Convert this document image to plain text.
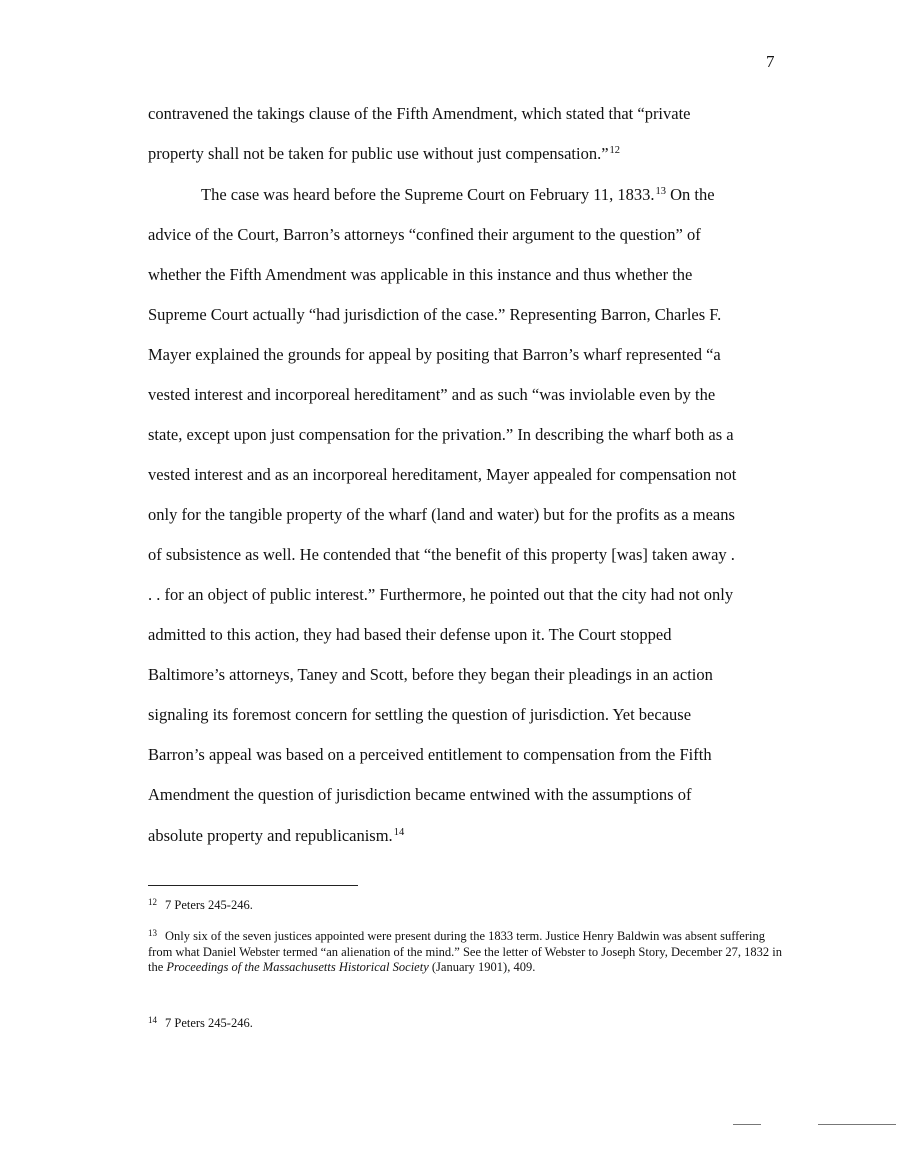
7
contravened the takings clause of the Fifth Amendment, which stated that “private
property shall not be taken for public use without just compensation.”$^{12}$
The case was heard before the Supreme Court on February 11, 1833.13 On the
advice of the Court, Barron’s attorneys “confined their argument to the question” of
whether the Fifth Amendment was applicable in this instance and thus whether the
Supreme Court actually “had jurisdiction of the case.” Representing Barron, Charles F.
Mayer explained the grounds for appeal by positing that Barron’s wharf represented “a
vested interest and incorporeal hereditament” and as such “was inviolable even by the
state, except upon just compensation for the privation.” In describing the wharf both as a
vested interest and as an incorporeal hereditament, Mayer appealed for compensation not
only for the tangible property of the wharf (land and water) but for the profits as a means
of subsistence as well. He contended that “the benefit of this property [was] taken away .
. . for an object of public interest.” Furthermore, he pointed out that the city had not only
admitted to this action, they had based their defense upon it. The Court stopped
Baltimore’s attorneys, Taney and Scott, before they began their pleadings in an action
signaling its foremost concern for settling the question of jurisdiction. Yet because
Barron’s appeal was based on a perceived entitlement to compensation from the Fifth
Amendment the question of jurisdiction became entwined with the assumptions of
absolute property and republicanism.$^{14}$
$^{12}$ 7 Peters 245-246.
$^{13}$ Only six of the seven justices appointed were present during the 1833 term. Justice Henry Baldwin was absent suffering from what Daniel Webster termed “an alienation of the mind.” See the letter of Webster to Joseph Story, December 27, 1832 in the Proceedings of the Massachusetts Historical Society (January 1901), 409.
$^{14}$ 7 Peters 245-246.
